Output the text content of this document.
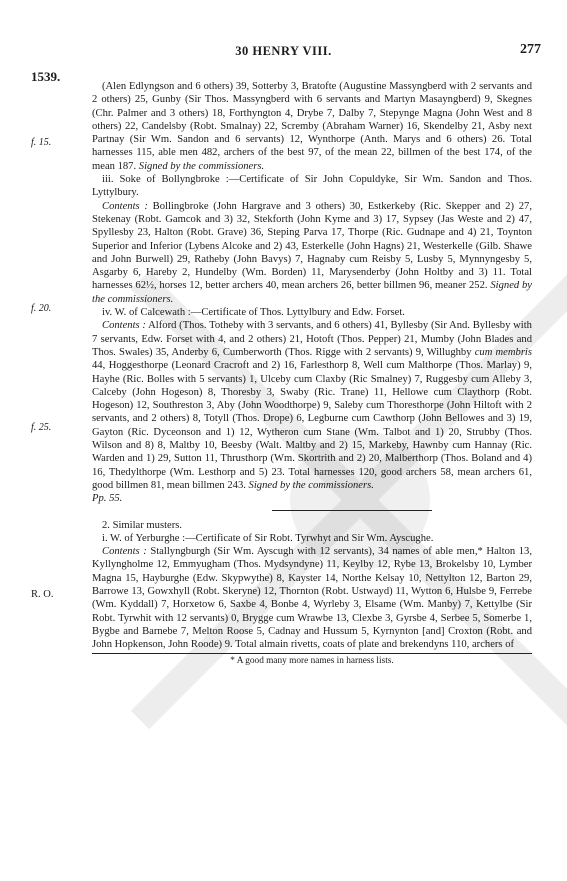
30 HENRY VIII.	277
1539.
f. 15.
f. 20.
f. 25.
R. O.

(Alen Edlyngson and 6 others) 39, Sotterby 3, Bratofte (Augustine Massyngberd with 2 servants and 2 others) 25, Gunby (Sir Thos. Massyngberd with 6 servants and Martyn Masayngberd) 9, Skegnes (Chr. Palmer and 3 others) 18, Forthyngton 4, Drybe 7, Dalby 7, Stepynge Magna (John West and 8 others) 22, Candelsby (Robt. Smalnay) 22, Scremby (Abraham Warner) 16, Skendelby 21, Asby next Partnay (Sir Wm. Sandon and 6 servants) 12, Wynthorpe (Anth. Marys and 6 others) 26. Total harnesses 115, able men 482, archers of the best 97, of the mean 22, billmen of the best 174, of the mean 187. Signed by the commissioners.

iii. Soke of Bollyngbroke :—Certificate of Sir John Copuldyke, Sir Wm. Sandon and Thos. Lyttylbury.

Contents : Bollingbroke (John Hargrave and 3 others) 30, Estkerkeby (Ric. Skepper and 2) 27, Stekenay (Robt. Gamcok and 3) 32, Stekforth (John Kyme and 3) 17, Sypsey (Jas Weste and 2) 47, Spyllesby 23, Halton (Robt. Grave) 36, Steping Parva 17, Thorpe (Ric. Gudnape and 4) 21, Toynton Superior and Inferior (Lybens Alcoke and 2) 43, Esterkelle (John Hagns) 21, Westerkelle (Gilb. Shawe and John Burwell) 29, Ratheby (John Bavys) 7, Hagnaby cum Reisby 5, Lusby 5, Mynnyngesby 5, Asgarby 6, Hareby 2, Hundelby (Wm. Borden) 11, Marysenderby (John Holtby and 3) 11. Total harnesses 62½, horses 12, better archers 40, mean archers 26, better billmen 96, meaner 252. Signed by the commissioners.

iv. W. of Calcewath :—Certificate of Thos. Lyttylbury and Edw. Forset.

Contents : Alford (Thos. Totheby with 3 servants, and 6 others) 41, Byllesby (Sir And. Byllesby with 7 servants, Edw. Forset with 4, and 2 others) 21, Hotoft (Thos. Pepper) 21, Mumby (John Blades and Thos. Swales) 35, Anderby 6, Cumberworth (Thos. Rigge with 2 servants) 9, Willughby cum membris 44, Hoggesthorpe (Leonard Cracroft and 2) 16, Farlesthorp 8, Well cum Malthorpe (Thos. Marlay) 9, Hayhe (Ric. Bolles with 5 servants) 1, Ulceby cum Claxby (Ric Smalney) 7, Ruggesby cum Alleby 3, Calceby (John Hogeson) 8, Thoresby 3, Swaby (Ric. Trane) 11, Hellowe cum Claythorp (Robt. Hogeson) 12, Southreston 3, Aby (John Woodthorpe) 9, Saleby cum Thoresthorpe (John Hiltoft with 2 servants, and 2 others) 8, Totyll (Thos. Drope) 6, Legburne cum Cawthorp (John Bellowes and 3) 19, Gayton (Ric. Dyceonson and 1) 12, Wytheron cum Stane (Wm. Talbot and 1) 20, Strubby (Thos. Wilson and 8) 8, Maltby 10, Beesby (Walt. Maltby and 2) 15, Markeby, Hawnby cum Hannay (Ric. Warden and 1) 29, Sutton 11, Thrusthorp (Wm. Skortrith and 2) 20, Malberthorp (Thos. Boland and 4) 16, Thedylthorpe (Wm. Lesthorp and 5) 23. Total harnesses 120, good archers 58, mean archers 61, good billmen 81, mean billmen 243. Signed by the commissioners.

Pp. 55.

2. Similar musters.

i. W. of Yerburghe :—Certificate of Sir Robt. Tyrwhyt and Sir Wm. Ayscughe.

Contents : Stallyngburgh (Sir Wm. Ayscugh with 12 servants), 34 names of able men,* Halton 13, Kyllyngholme 12, Emmyugham (Thos. Mydsyndyne) 11, Keylby 12, Rybe 13, Brokelsby 10, Lymber Magna 15, Hayburghe (Edw. Skypwythe) 8, Kayster 14, Northe Kelsay 10, Nettylton 12, Barton 29, Barrowe 13, Gowxhyll (Robt. Skeryne) 12, Thornton (Robt. Ustwayd) 11, Wytton 6, Hulsbe 9, Ferrebe (Wm. Kyddall) 7, Horxetow 6, Saxbe 4, Bonbe 4, Wyrleby 3, Elsame (Wm. Manby) 7, Kettylbe (Sir Robt. Tyrwhit with 12 servants) 0, Brygge cum Wrawbe 13, Clexbe 3, Gyrsbe 4, Serbee 5, Somerbe 1, Bygbe and Barnebe 7, Melton Roose 5, Cadnay and Hussum 5, Kyrnynton [and] Croxton (Robt. and John Hopkenson, John Roode) 9. Total almain rivetts, coats of plate and brekendyns 110, archers of

* A good many more names in harness lists.
